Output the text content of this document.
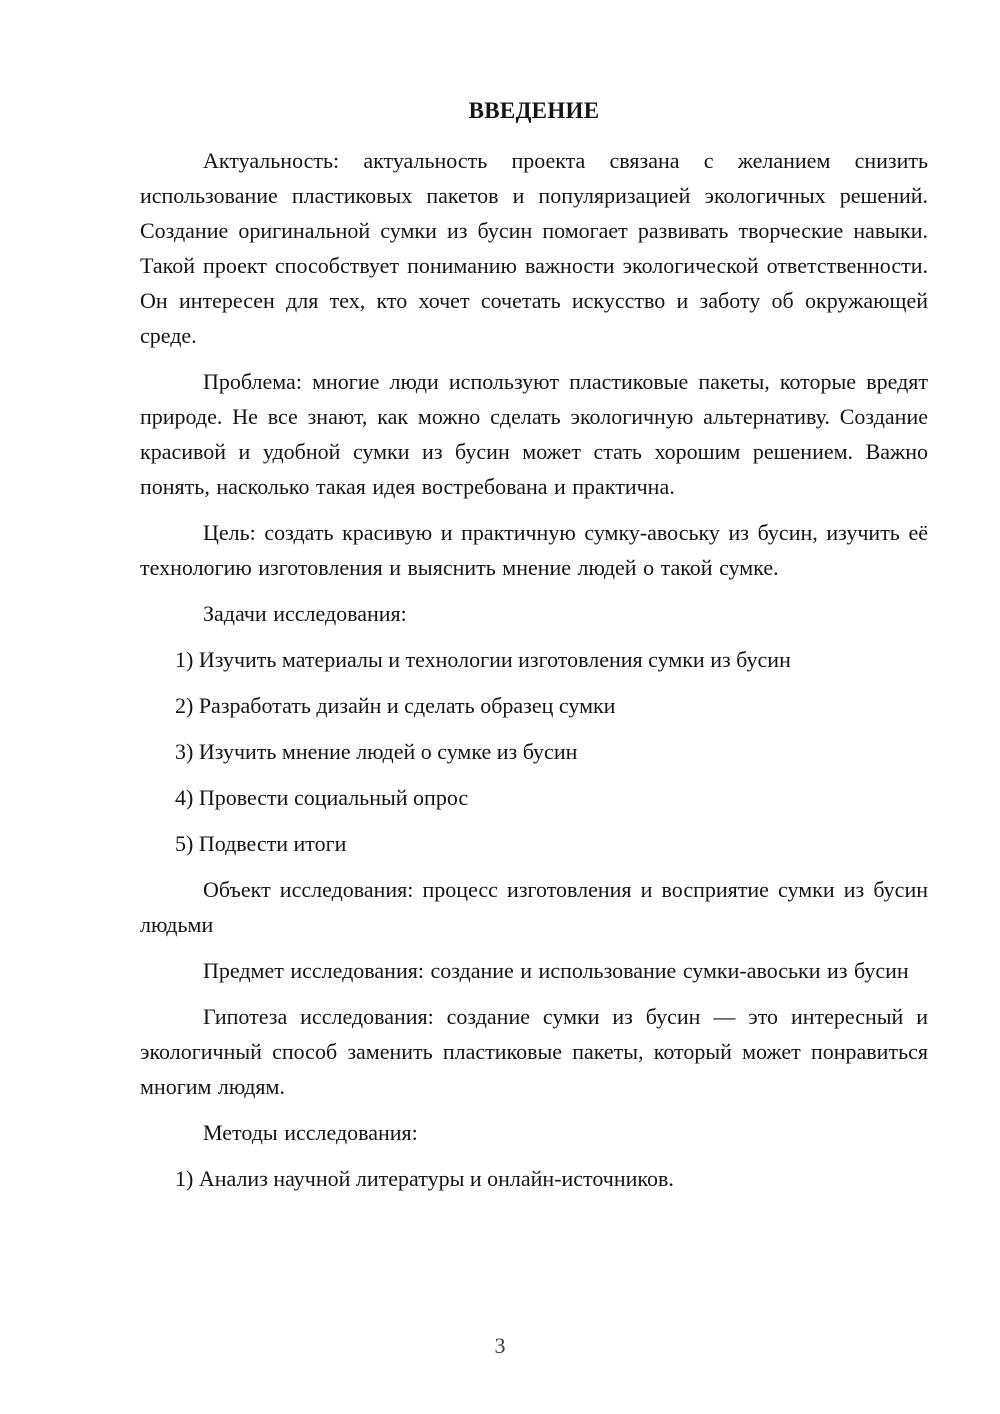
ВВЕДЕНИЕ

Актуальность: актуальность проекта связана с желанием снизить использование пластиковых пакетов и популяризацией экологичных решений. Создание оригинальной сумки из бусин помогает развивать творческие навыки. Такой проект способствует пониманию важности экологической ответственности. Он интересен для тех, кто хочет сочетать искусство и заботу об окружающей среде.

Проблема: многие люди используют пластиковые пакеты, которые вредят природе. Не все знают, как можно сделать экологичную альтернативу. Создание красивой и удобной сумки из бусин может стать хорошим решением. Важно понять, насколько такая идея востребована и практична.

Цель: создать красивую и практичную сумку-авоську из бусин, изучить её технологию изготовления и выяснить мнение людей о такой сумке.

Задачи исследования:

1) Изучить материалы и технологии изготовления сумки из бусин

2) Разработать дизайн и сделать образец сумки

3) Изучить мнение людей о сумке из бусин

4) Провести социальный опрос

5) Подвести итоги

Объект исследования: процесс изготовления и восприятие сумки из бусин людьми

Предмет исследования: создание и использование сумки-авоськи из бусин

Гипотеза исследования: создание сумки из бусин — это интересный и экологичный способ заменить пластиковые пакеты, который может понравиться многим людям.

Методы исследования:

1) Анализ научной литературы и онлайн-источников.

3
